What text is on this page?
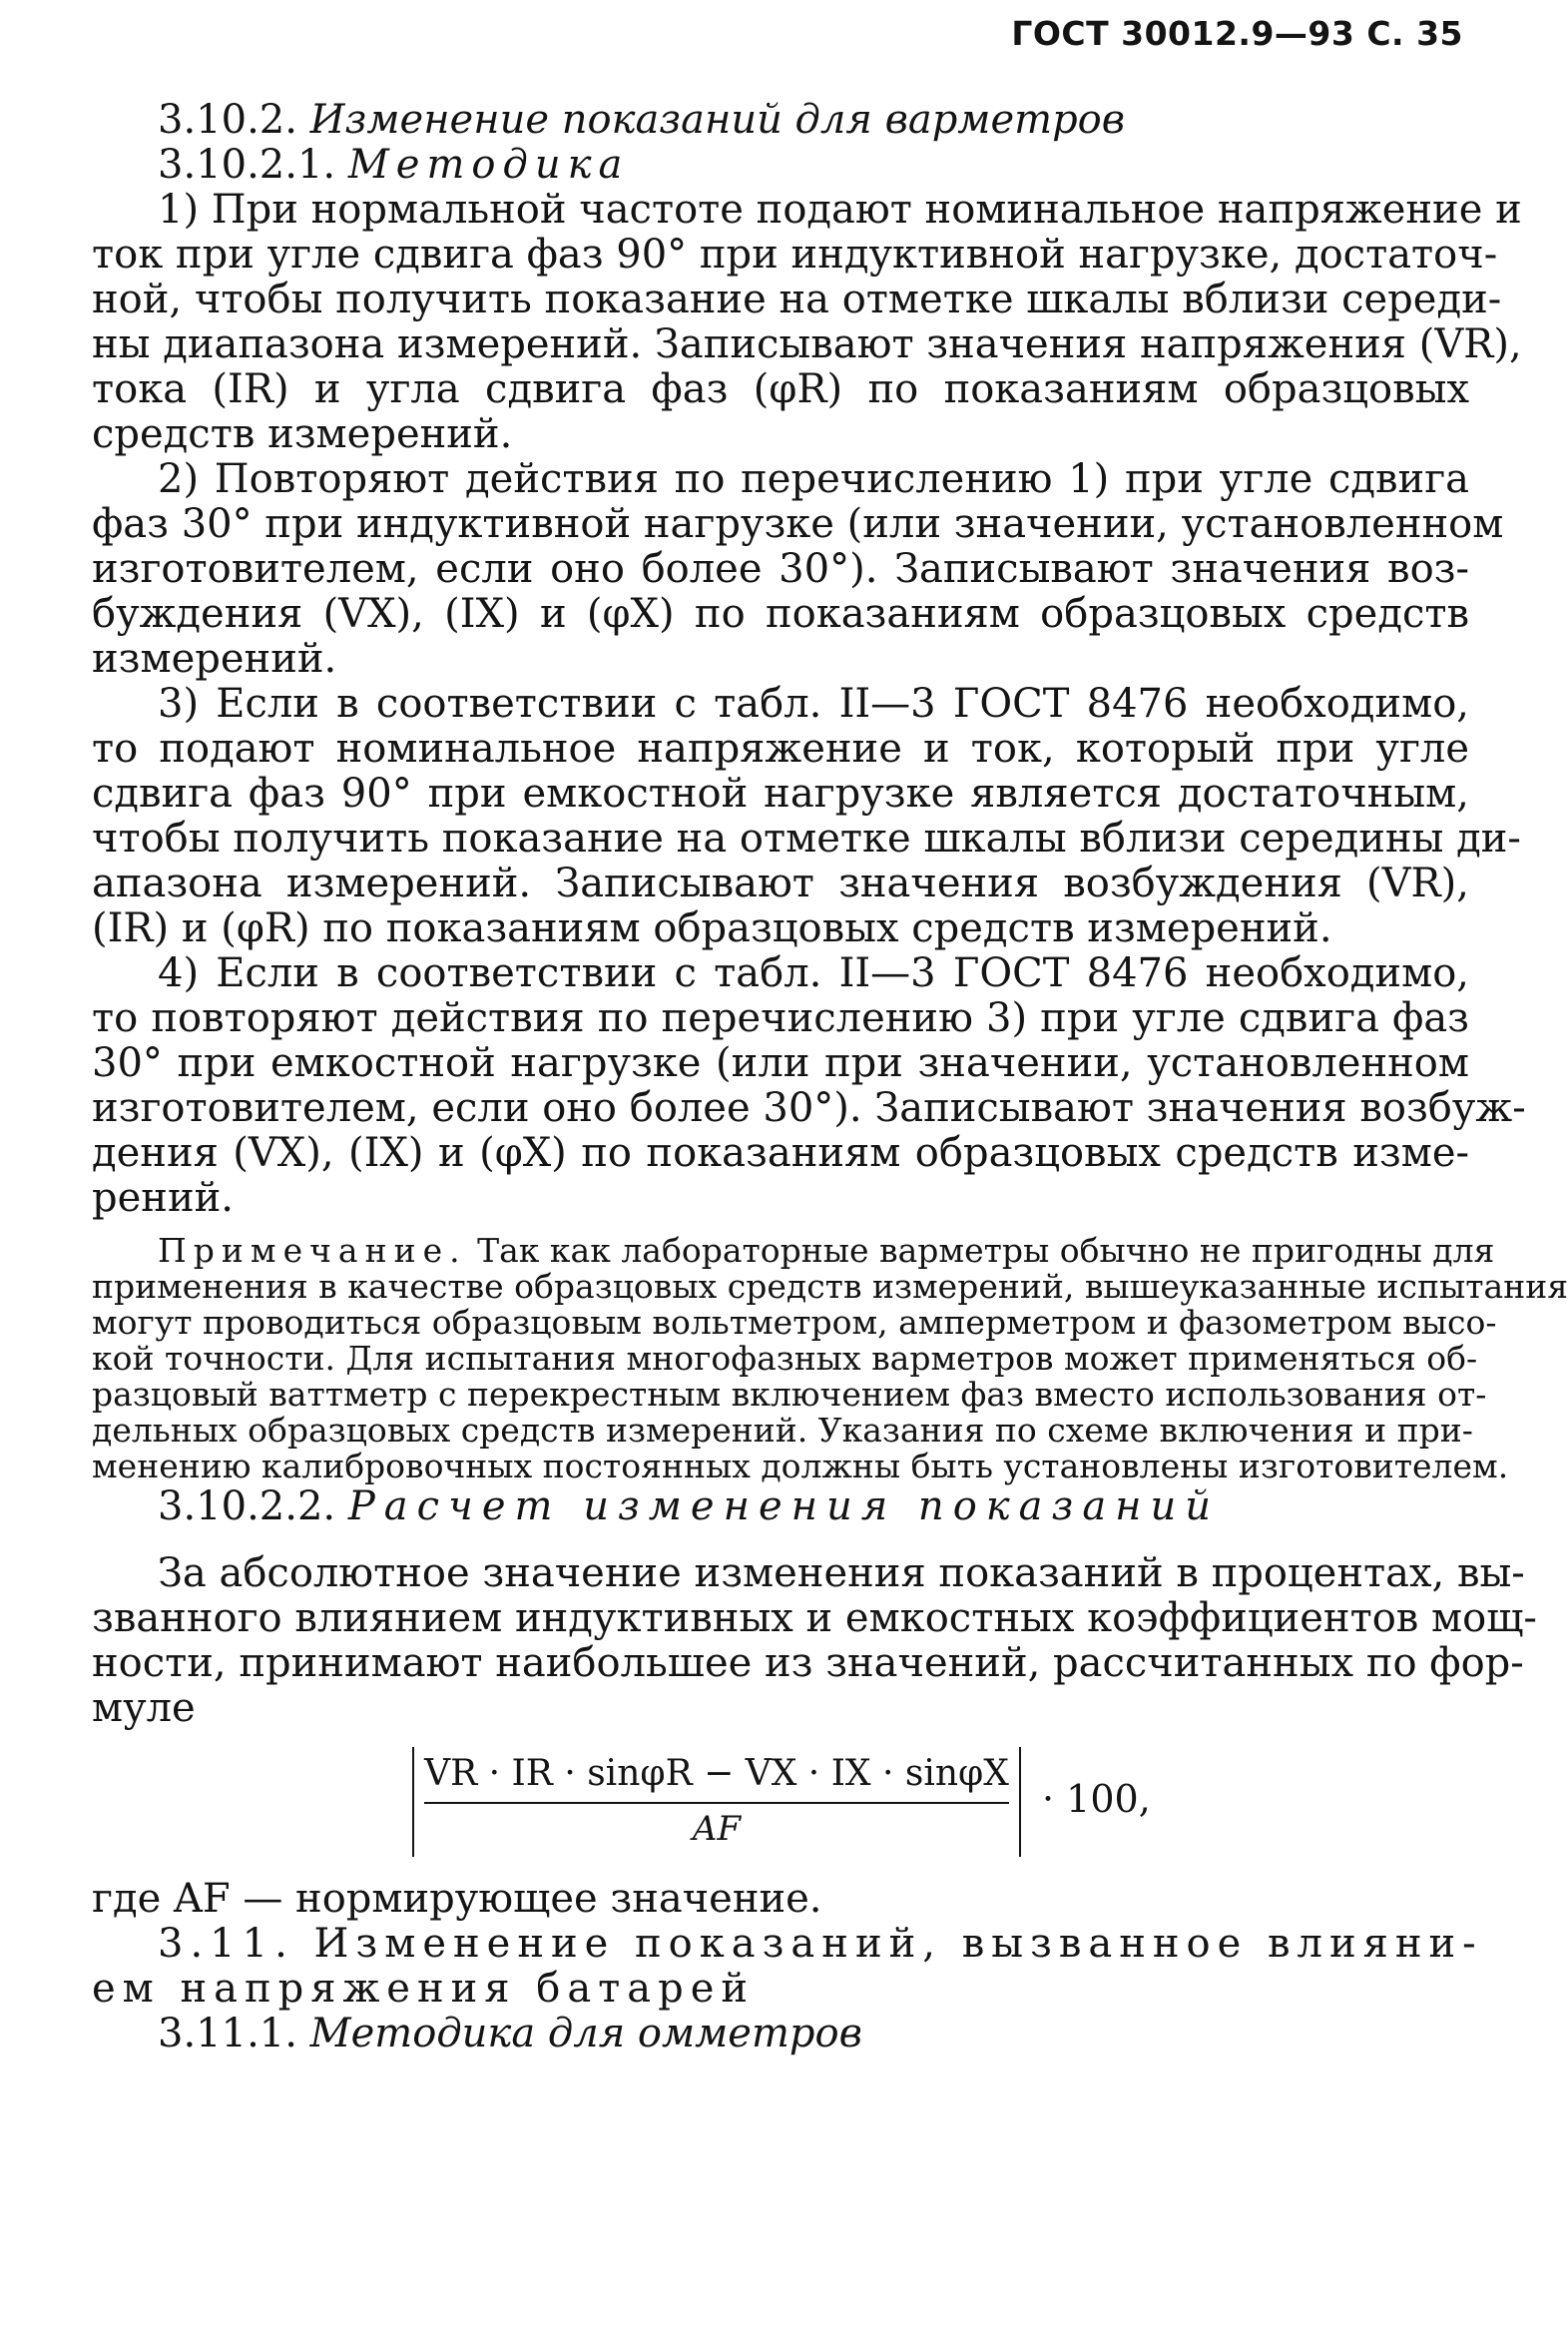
ГОСТ 30012.9—93 С. 35

3.10.2. Изменение показаний для варметров

3.10.2.1. Методика

1) При нормальной частоте подают номинальное напряжение и

ток при угле сдвига фаз 90° при индуктивной нагрузке, достаточ-

ной, чтобы получить показание на отметке шкалы вблизи середи-

ны диапазона измерений. Записывают значения напряжения (VR),

тока (IR) и угла сдвига фаз (φR) по показаниям образцовых

средств измерений.

2) Повторяют действия по перечислению 1) при угле сдвига

фаз 30° при индуктивной нагрузке (или значении, установленном

изготовителем, если оно более 30°). Записывают значения воз-

буждения (VX), (IX) и (φX) по показаниям образцовых средств

измерений.

3) Если в соответствии с табл. II—3 ГОСТ 8476 необходимо,

то подают номинальное напряжение и ток, который при угле

сдвига фаз 90° при емкостной нагрузке является достаточным,

чтобы получить показание на отметке шкалы вблизи середины ди-

апазона измерений. Записывают значения возбуждения (VR),

(IR) и (φR) по показаниям образцовых средств измерений.

4) Если в соответствии с табл. II—3 ГОСТ 8476 необходимо,

то повторяют действия по перечислению 3) при угле сдвига фаз

30° при емкостной нагрузке (или при значении, установленном

изготовителем, если оно более 30°). Записывают значения возбуж-

дения (VX), (IX) и (φX) по показаниям образцовых средств изме-

рений.

Примечание. Так как лабораторные варметры обычно не пригодны для

применения в качестве образцовых средств измерений, вышеуказанные испытания

могут проводиться образцовым вольтметром, амперметром и фазометром высо-

кой точности. Для испытания многофазных варметров может применяться об-

разцовый ваттметр с перекрестным включением фаз вместо использования от-

дельных образцовых средств измерений. Указания по схеме включения и при-

менению калибровочных постоянных должны быть установлены изготовителем.

3.10.2.2. Расчет изменения показаний

За абсолютное значение изменения показаний в процентах, вы-

званного влиянием индуктивных и емкостных коэффициентов мощ-

ности, принимают наибольшее из значений, рассчитанных по фор-

муле

VR · IR · sinφR − VX · IX · sinφX
AF
· 100,

где AF — нормирующее значение.

3.11. Изменение показаний, вызванное влияни-

ем напряжения батарей

3.11.1. Методика для омметров
